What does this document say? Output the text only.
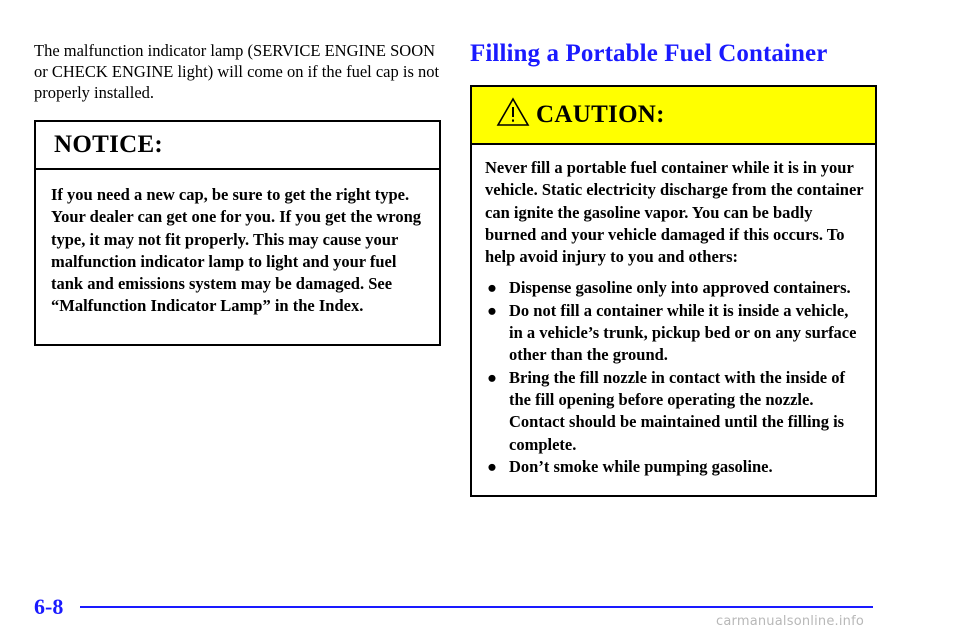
The malfunction indicator lamp (SERVICE ENGINE SOON or CHECK ENGINE light) will come on if the fuel cap is not properly installed.

NOTICE:

If you need a new cap, be sure to get the right type. Your dealer can get one for you. If you get the wrong type, it may not fit properly. This may cause your malfunction indicator lamp to light and your fuel tank and emissions system may be damaged. See “Malfunction Indicator Lamp” in the Index.

Filling a Portable Fuel Container
CAUTION:

Never fill a portable fuel container while it is in your vehicle. Static electricity discharge from the container can ignite the gasoline vapor. You can be badly burned and your vehicle damaged if this occurs. To help avoid injury to you and others:

● Dispense gasoline only into approved containers.
● Do not fill a container while it is inside a vehicle, in a vehicle’s trunk, pickup bed or on any surface other than the ground.
● Bring the fill nozzle in contact with the inside of the fill opening before operating the nozzle. Contact should be maintained until the filling is complete.
● Don’t smoke while pumping gasoline.
6-8
carmanualsonline.info
